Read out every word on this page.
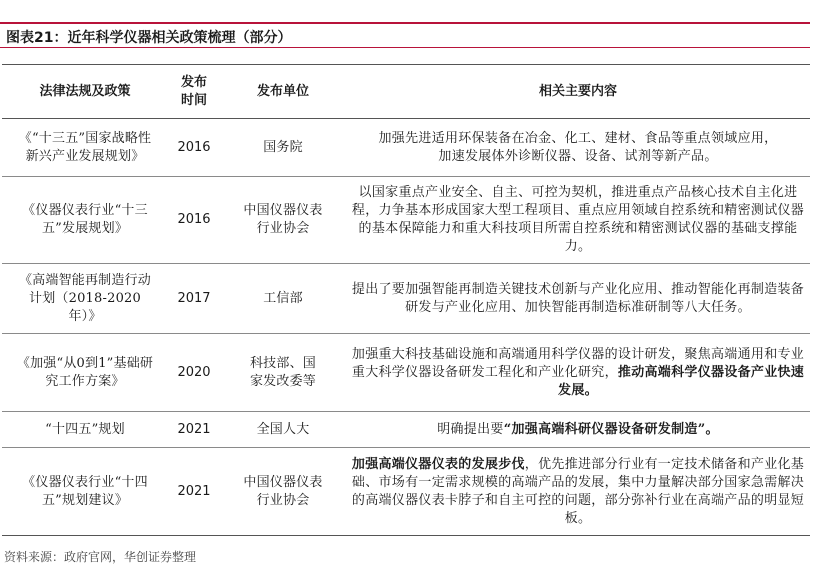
图表21：近年科学仪器相关政策梳理（部分）
法律法规及政策	发布时间	发布单位	相关主要内容
《“十三五”国家战略性新兴产业发展规划》	2016	国务院	加强先进适用环保装备在冶金、化工、建材、食品等重点领域应用，加速发展体外诊断仪器、设备、试剂等新产品。
《仪器仪表行业“十三五”发展规划》	2016	中国仪器仪表行业协会	以国家重点产业安全、自主、可控为契机，推进重点产品核心技术自主化进程，力争基本形成国家大型工程项目、重点应用领域自控系统和精密测试仪器的基本保障能力和重大科技项目所需自控系统和精密测试仪器的基础支撑能力。
《高端智能再制造行动计划（2018-2020年）》	2017	工信部	提出了要加强智能再制造关键技术创新与产业化应用、推动智能化再制造装备研发与产业化应用、加快智能再制造标准研制等八大任务。
《加强“从0到1”基础研究工作方案》	2020	科技部、国家发改委等	加强重大科技基础设施和高端通用科学仪器的设计研发，聚焦高端通用和专业重大科学仪器设备研发工程化和产业化研究，推动高端科学仪器设备产业快速发展。
“十四五”规划	2021	全国人大	明确提出要“加强高端科研仪器设备研发制造”。
《仪器仪表行业“十四五”规划建议》	2021	中国仪器仪表行业协会	加强高端仪器仪表的发展步伐，优先推进部分行业有一定技术储备和产业化基础、市场有一定需求规模的高端产品的发展，集中力量解决部分国家急需解决的高端仪器仪表卡脖子和自主可控的问题，部分弥补行业在高端产品的明显短板。
资料来源：政府官网，华创证券整理
